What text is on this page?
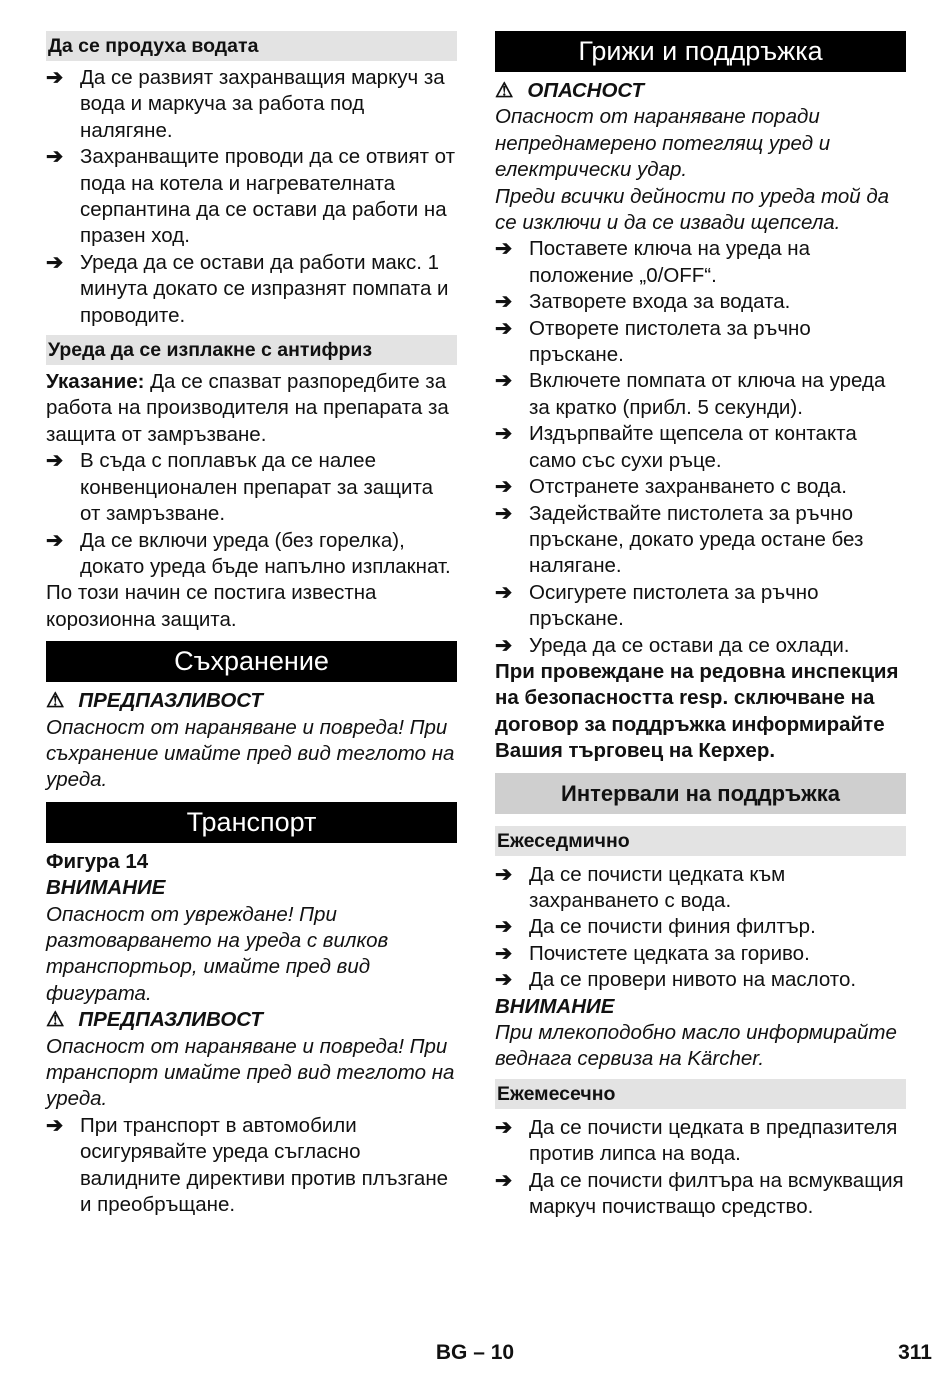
Да се продуха водата
➔ Да се развият захранващия маркуч за вода и маркуча за работа под налягяне.
➔ Захранващите проводи да се отвият от пода на котела и нагревателната серпантина да се остави да работи на празен ход.
➔ Уреда да се остави да работи макс. 1 минута докато се изпразнят помпата и проводите.
Уреда да се изплакне с антифриз
Указание: Да се спазват разпоредбите за работа на производителя на препарата за защита от замръзване.
➔ В съда с поплавък да се налее конвенционален препарат за защита от замръзване.
➔ Да се включи уреда (без горелка), докато уреда бъде напълно изплакнат.
По този начин се постига известна корозионна защита.
Съхранение
⚠ ПРЕДПАЗЛИВОСТ
Опасност от нараняване и повреда! При съхранение имайте пред вид теглото на уреда.
Транспорт
Фигура 14
ВНИМАНИЕ
Опасност от увреждане! При разтоварването на уреда с вилков транспортьор, имайте пред вид фигурата.
⚠ ПРЕДПАЗЛИВОСТ
Опасност от нараняване и повреда! При транспорт имайте пред вид теглото на уреда.
➔ При транспорт в автомобили осигурявайте уреда съгласно валидните директиви против плъзгане и преобръщане.
Грижи и поддръжка
⚠ ОПАСНОСТ
Опасност от нараняване поради непреднамерено потеглящ уред и електрически удар.
Преди всички дейности по уреда той да се изключи и да се извади щепсела.
➔ Поставете ключа на уреда на положение „0/OFF“.
➔ Затворете входа за водата.
➔ Отворете пистолета за ръчно пръскане.
➔ Включете помпата от ключа на уреда за кратко (прибл. 5 секунди).
➔ Издърпвайте щепсела от контакта само със сухи ръце.
➔ Отстранете захранването с вода.
➔ Задействайте пистолета за ръчно пръскане, докато уреда остане без налягане.
➔ Осигурете пистолета за ръчно пръскане.
➔ Уреда да се остави да се охлади.
При провеждане на редовна инспекция на безопасността resp. сключване на договор за поддръжка информирайте Вашия търговец на Керхер.
Интервали на поддръжка
Ежеседмично
➔ Да се почисти цедката към захранването с вода.
➔ Да се почисти финия филтър.
➔ Почистете цедката за гориво.
➔ Да се провери нивото на маслото.
ВНИМАНИЕ
При млекоподобно масло информирайте веднага сервиза на Kärcher.
Ежемесечно
➔ Да се почисти цедката в предпазителя против липса на вода.
➔ Да се почисти филтъра на всмукващия маркуч почистващо средство.
BG – 10	311
